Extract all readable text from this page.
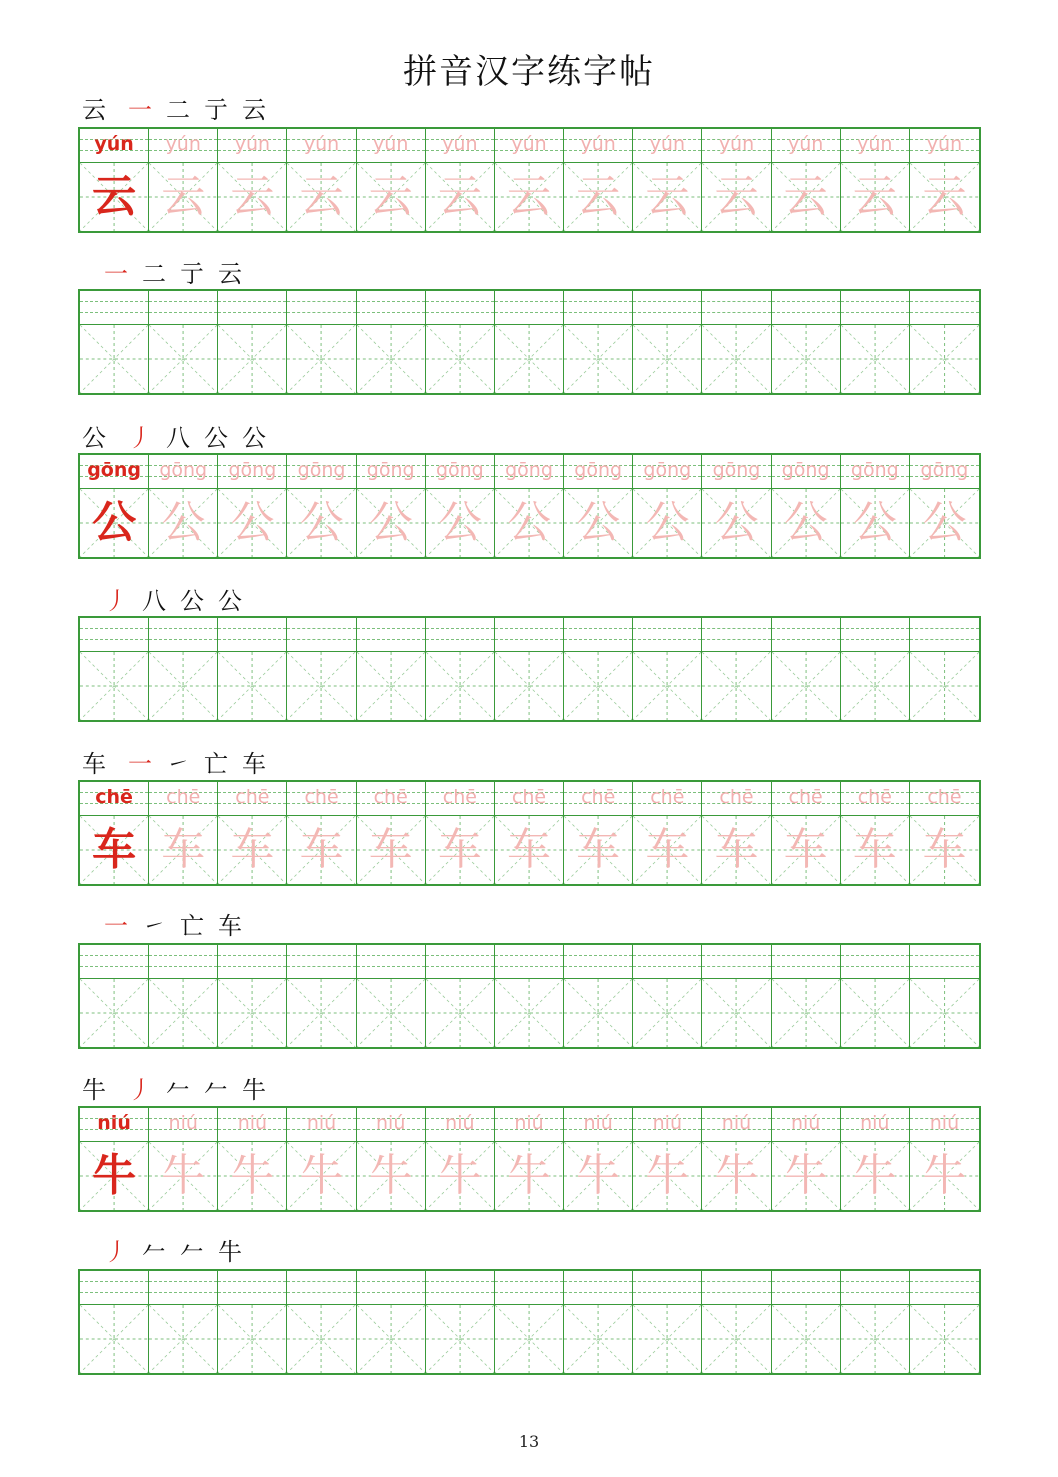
拼音汉字练字帖
云 一 二 亍 云
yún
云
yún
云
yún
云
yún
云
yún
云
yún
云
yún
云
yún
云
yún
云
yún
云
yún
云
yún
云
yún
云
一 二 亍 云
公 丿 八 公 公
gōng
公
gōng
公
gōng
公
gōng
公
gōng
公
gōng
公
gōng
公
gōng
公
gōng
公
gōng
公
gōng
公
gōng
公
gōng
公
丿 八 公 公
车 一 ㇀ 亡 车
chē
车
chē
车
chē
车
chē
车
chē
车
chē
车
chē
车
chē
车
chē
车
chē
车
chē
车
chē
车
chē
车
一 ㇀ 亡 车
牛 丿 𠂉 𠂉 牛
niú
牛
niú
牛
niú
牛
niú
牛
niú
牛
niú
牛
niú
牛
niú
牛
niú
牛
niú
牛
niú
牛
niú
牛
niú
牛
丿 𠂉 𠂉 牛
13
